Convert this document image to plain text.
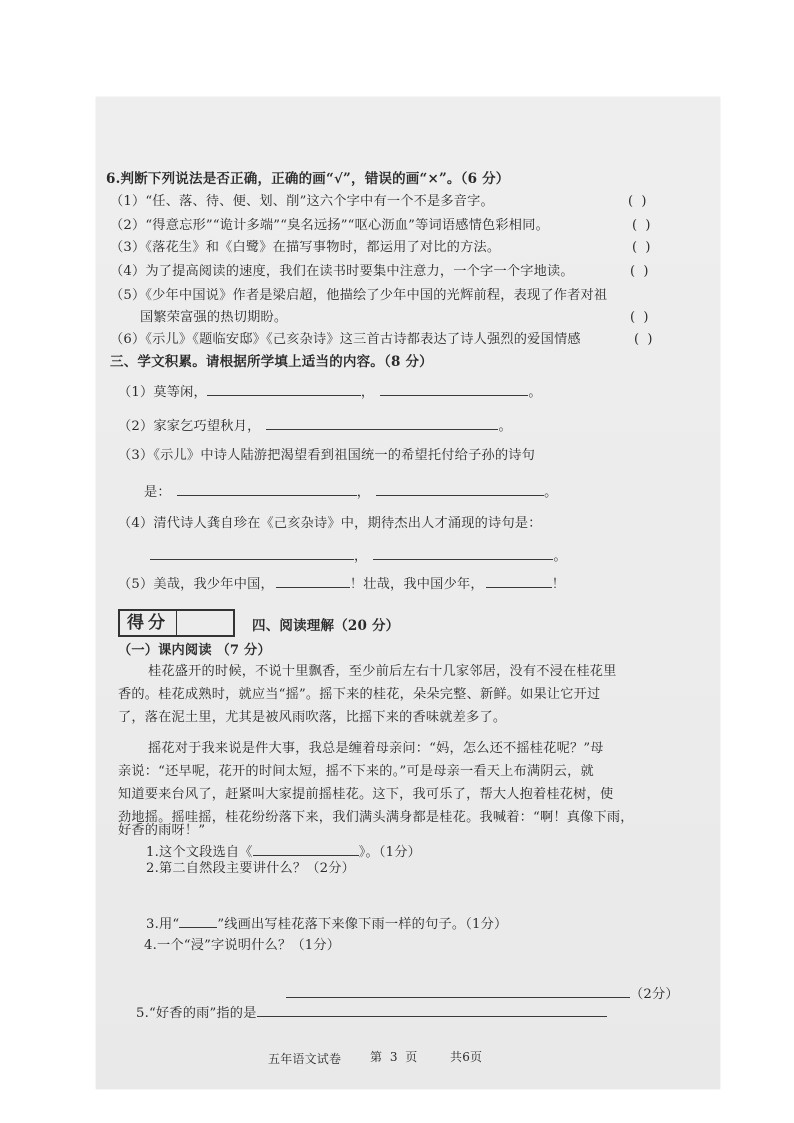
6.判断下列说法是否正确，正确的画“√”，错误的画“×”。（6 分）
（1）“任、落、待、便、划、削”这六个字中有一个不是多音字。	(  )
（2）“得意忘形”“诡计多端”“臭名远扬”“呕心沥血”等词语感情色彩相同。	(  )
（3）《落花生》和《白鹭》在描写事物时，都运用了对比的方法。	(  )
（4）为了提高阅读的速度，我们在读书时要集中注意力，一个字一个字地读。	(  )
（5）《少年中国说》作者是梁启超，他描绘了少年中国的光辉前程，表现了作者对祖
国繁荣富强的热切期盼。	(  )
（6）《示儿》《题临安邸》《己亥杂诗》这三首古诗都表达了诗人强烈的爱国情感	(  )
三、学文积累。请根据所学填上适当的内容。（8 分）
（1）莫等闲，	，	。
（2）家家乞巧望秋月，	。
（3）《示儿》中诗人陆游把渴望看到祖国统一的希望托付给子孙的诗句
是：	，	。
（4）清代诗人龚自珍在《己亥杂诗》中，期待杰出人才涌现的诗句是：
，	。
（5）美哉，我少年中国，	！壮哉，我中国少年，	！
得分	四、阅读理解（20 分）
（一）课内阅读 （7 分）
桂花盛开的时候，不说十里飘香，至少前后左右十几家邻居，没有不浸在桂花里
香的。桂花成熟时，就应当“摇”。摇下来的桂花，朵朵完整、新鲜。如果让它开过
了，落在泥土里，尤其是被风雨吹落，比摇下来的香味就差多了。
摇花对于我来说是件大事，我总是缠着母亲问：“妈，怎么还不摇桂花呢？”母
亲说：“还早呢，花开的时间太短，摇不下来的。”可是母亲一看天上布满阴云，就
知道要来台风了，赶紧叫大家提前摇桂花。这下，我可乐了，帮大人抱着桂花树，使
劲地摇。摇哇摇，桂花纷纷落下来，我们满头满身都是桂花。我喊着：“啊！真像下雨，
好香的雨呀！”
1.这个文段选自《	》。（1分）
2.第二自然段主要讲什么？（2分）
3.用“	”线画出写桂花落下来像下雨一样的句子。（1分）
4.一个“浸”字说明什么？（1分）
（2分）
5.“好香的雨”指的是
五年语文试卷 第 3 页	共6页
